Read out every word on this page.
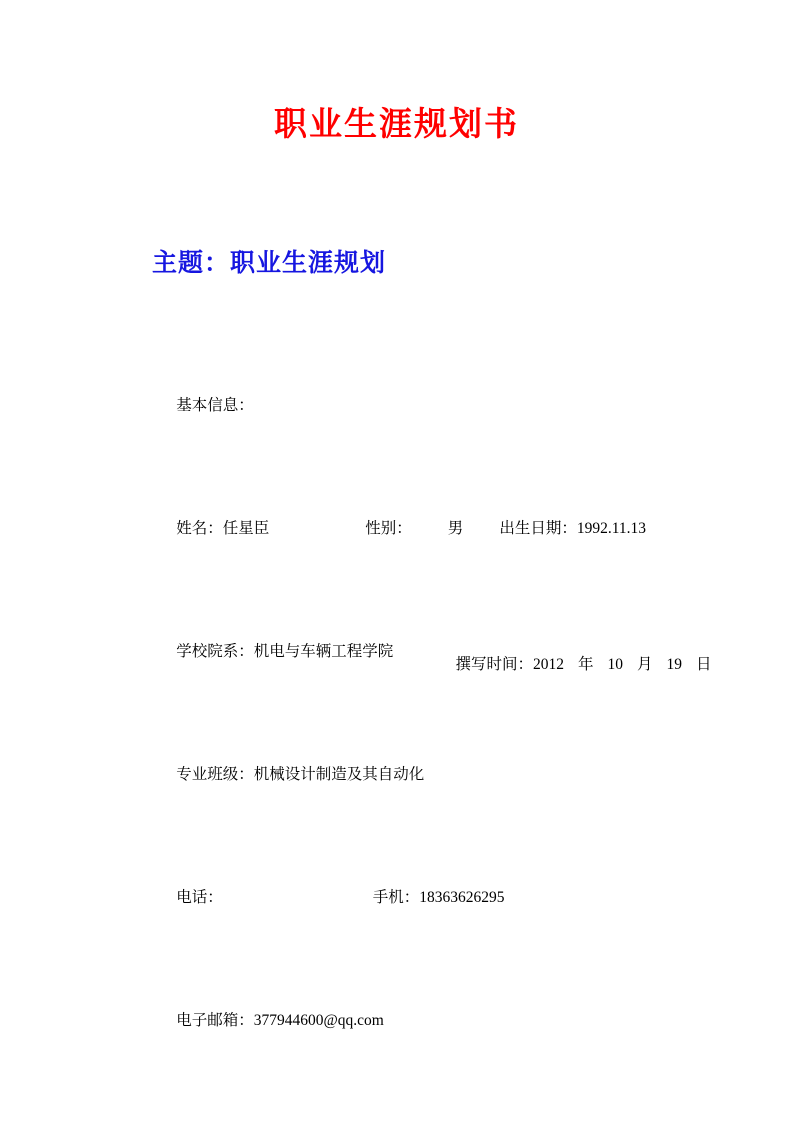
职业生涯规划书
主题：职业生涯规划

基本信息：

姓名：任星臣	性别： 男 出生日期：1992.11.13

学校院系：机电与车辆工程学院

专业班级：机械设计制造及其自动化

电话：	手机：18363626295

电子邮箱：377944600@qq.com

撰写时间：2012 年 10 月 19 日
